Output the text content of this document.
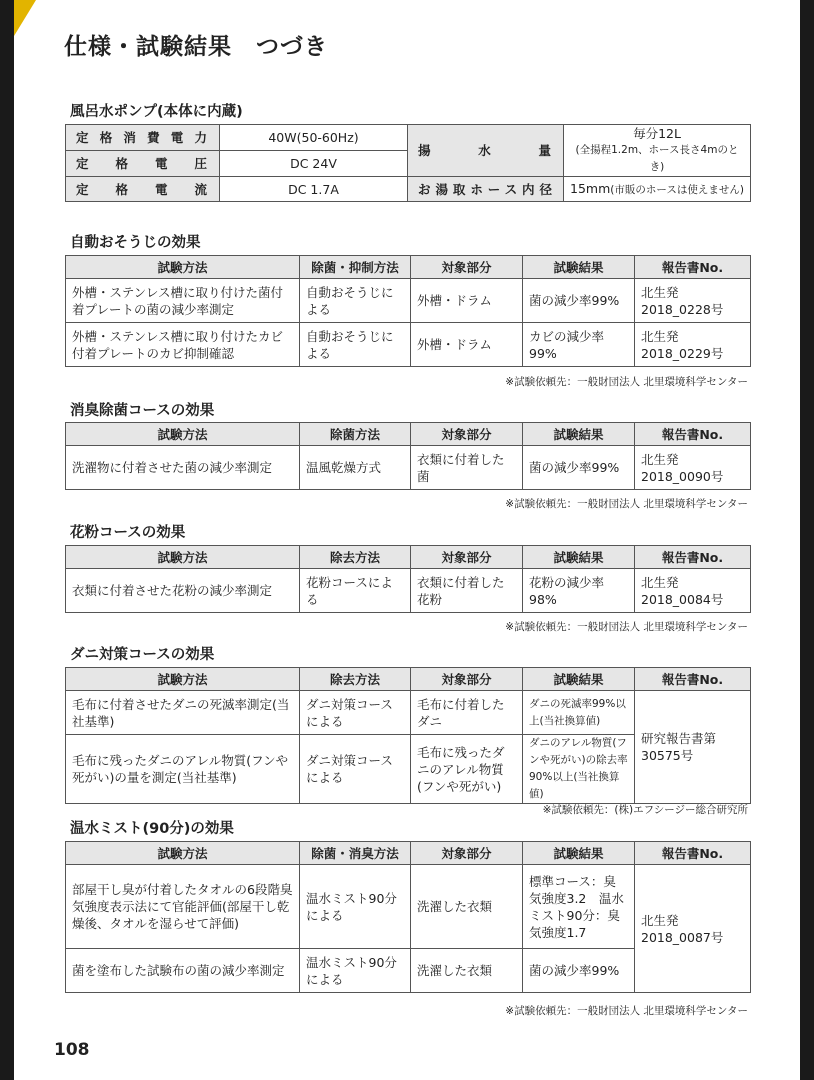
仕様・試験結果　つづき
風呂水ポンプ(本体に内蔵)
定格消費電力	40W(50-60Hz)	揚水量	毎分12L
(全揚程1.2m、ホース長さ4mのとき)

定格電圧	DC 24V		
定格電流	DC 1.7A	お湯取ホース内径	15mm(市販のホースは使えません)
自動おそうじの効果
試験方法	除菌・抑制方法	対象部分	試験結果	報告書No.
外槽・ステンレス槽に取り付けた菌付着プレートの菌の減少率測定	自動おそうじによる	外槽・ドラム	菌の減少率99%	北生発2018_0228号
外槽・ステンレス槽に取り付けたカビ付着プレートのカビ抑制確認	自動おそうじによる	外槽・ドラム	カビの減少率99%	北生発2018_0229号
※試験依頼先：一般財団法人 北里環境科学センター
消臭除菌コースの効果
試験方法	除菌方法	対象部分	試験結果	報告書No.
洗濯物に付着させた菌の減少率測定	温風乾燥方式	衣類に付着した菌	菌の減少率99%	北生発2018_0090号
※試験依頼先：一般財団法人 北里環境科学センター
花粉コースの効果
試験方法	除去方法	対象部分	試験結果	報告書No.
衣類に付着させた花粉の減少率測定	花粉コースによる	衣類に付着した花粉	花粉の減少率98%	北生発2018_0084号
※試験依頼先：一般財団法人 北里環境科学センター
ダニ対策コースの効果
試験方法	除去方法	対象部分	試験結果	報告書No.
毛布に付着させたダニの死滅率測定(当社基準)	ダニ対策コースによる	毛布に付着したダニ	ダニの死滅率99%以上(当社換算値)	研究報告書第30575号
毛布に残ったダニのアレル物質(フンや死がい)の量を測定(当社基準)	ダニ対策コースによる	毛布に残ったダニのアレル物質(フンや死がい)	ダニのアレル物質(フンや死がい)の除去率90%以上(当社換算値)	
※試験依頼先：(株)エフシージー総合研究所
温水ミスト(90分)の効果
試験方法	除菌・消臭方法	対象部分	試験結果	報告書No.
部屋干し臭が付着したタオルの6段階臭気強度表示法にて官能評価(部屋干し乾燥後、タオルを湿らせて評価)	温水ミスト90分による	洗濯した衣類	標準コース：臭気強度3.2　温水ミスト90分：臭気強度1.7	北生発2018_0087号
菌を塗布した試験布の菌の減少率測定	温水ミスト90分による	洗濯した衣類	菌の減少率99%	
※試験依頼先：一般財団法人 北里環境科学センター
108
